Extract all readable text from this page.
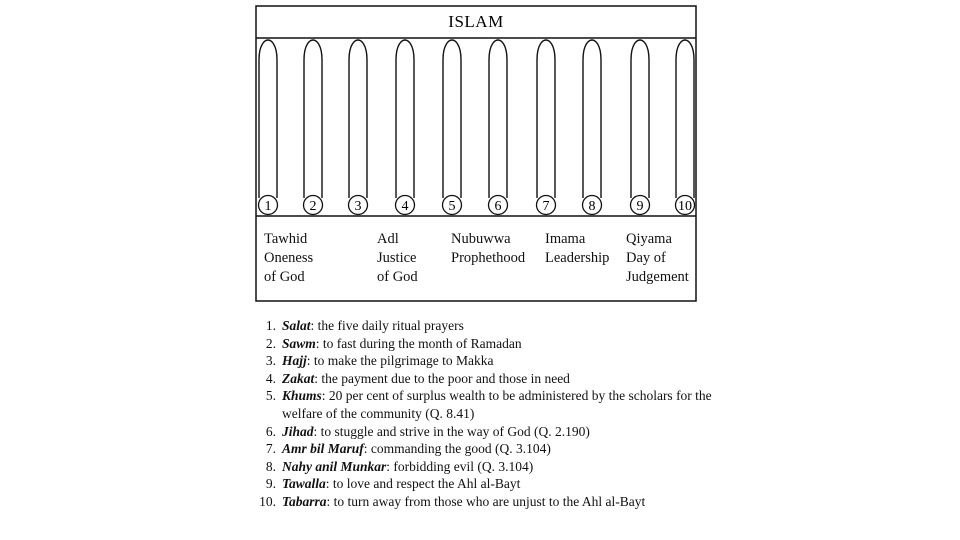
ISLAM
1	2	3	4	5	6	7	8	9 10
Tawhid
Oneness
of God
Adl
Justice
of God
Nubuwwa
Prophethood
Imama
Leadership
Qiyama
Day of
Judgement
1. Salat: the five daily ritual prayers
2. Sawm: to fast during the month of Ramadan
3. Hajj: to make the pilgrimage to Makka
4. Zakat: the payment due to the poor and those in need
5. Khums: 20 per cent of surplus wealth to be administered by the scholars for the welfare of the community (Q. 8.41)
6. Jihad: to stuggle and strive in the way of God (Q. 2.190)
7. Amr bil Maruf: commanding the good (Q. 3.104)
8. Nahy anil Munkar: forbidding evil (Q. 3.104)
9. Tawalla: to love and respect the Ahl al-Bayt
10. Tabarra: to turn away from those who are unjust to the Ahl al-Bayt
